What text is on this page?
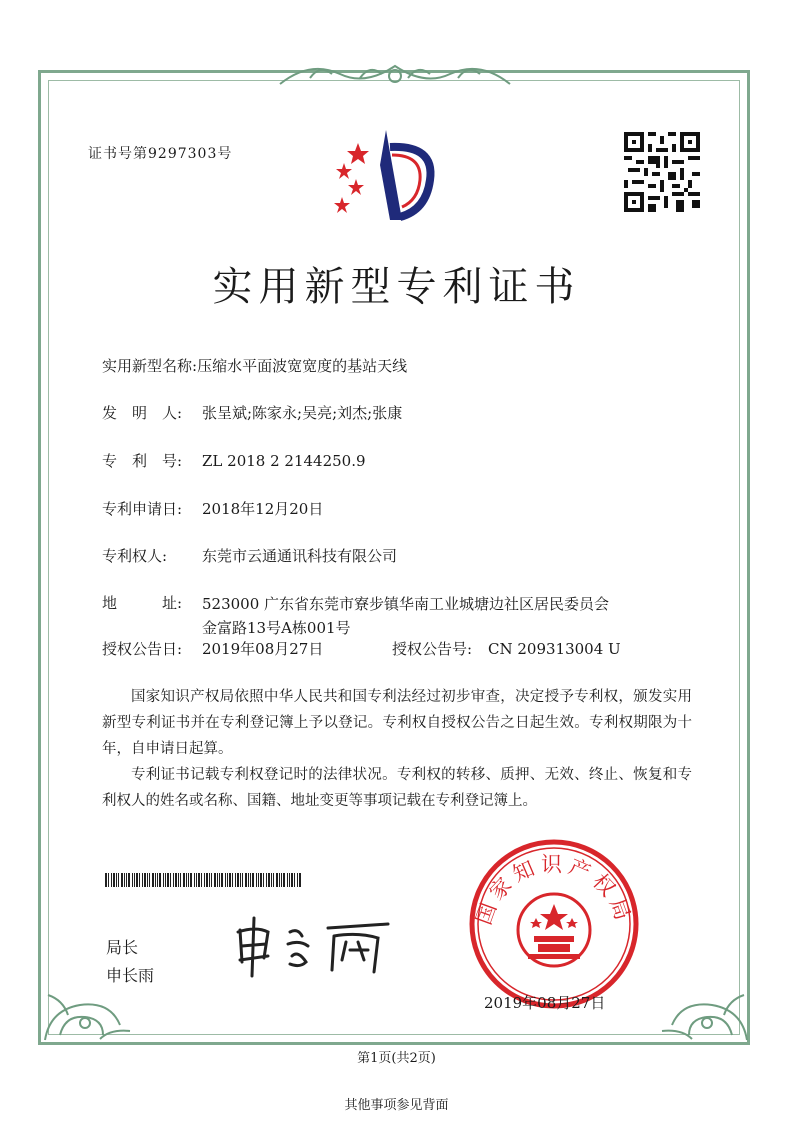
证书号第9297303号
实用新型专利证书
实用新型名称:压缩水平面波宽宽度的基站天线
发　明　人: 张呈斌;陈家永;吴亮;刘杰;张康
专　利　号: ZL 2018 2 2144250.9
专利申请日: 2018年12月20日
专利权人: 东莞市云通通讯科技有限公司
地　　　址: 523000 广东省东莞市寮步镇华南工业城塘边社区居民委员会金富路13号A栋001号
授权公告日: 2019年08月27日	授权公告号: CN 209313004 U
国家知识产权局依照中华人民共和国专利法经过初步审查，决定授予专利权，颁发实用新型专利证书并在专利登记簿上予以登记。专利权自授权公告之日起生效。专利权期限为十年，自申请日起算。
专利证书记载专利权登记时的法律状况。专利权的转移、质押、无效、终止、恢复和专利权人的姓名或名称、国籍、地址变更等事项记载在专利登记簿上。
局长
申长雨
国家知识产权局
2019年08月27日
第1页(共2页)
其他事项参见背面
